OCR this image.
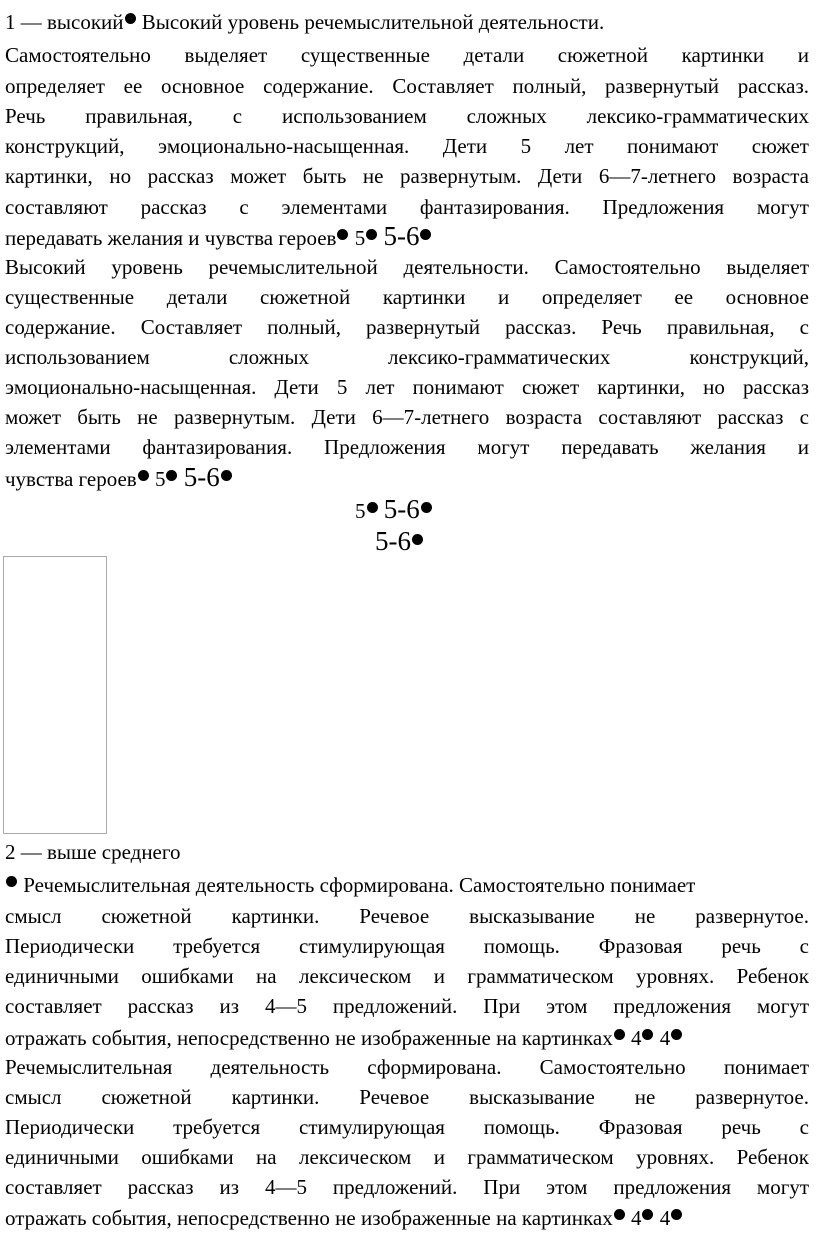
1 — высокий Высокий уровень речемыслительной деятельности.
Самостоятельно выделяет существенные детали сюжетной картинки и
определяет ее основное содержание. Составляет полный, развернутый рассказ.
Речь правильная, с использованием сложных лексико-грамматических
конструкций, эмоционально-насыщенная. Дети 5 лет понимают сюжет
картинки, но рассказ может быть не развернутым. Дети 6—7-летнего возраста
составляют рассказ с элементами фантазирования. Предложения могут
передавать желания и чувства героев 5 5-6
Высокий уровень речемыслительной деятельности. Самостоятельно выделяет
существенные детали сюжетной картинки и определяет ее основное
содержание. Составляет полный, развернутый рассказ. Речь правильная, с
использованием сложных лексико-грамматических конструкций,
эмоционально-насыщенная. Дети 5 лет понимают сюжет картинки, но рассказ
может быть не развернутым. Дети 6—7-летнего возраста составляют рассказ с
элементами фантазирования. Предложения могут передавать желания и
чувства героев 5 5-6
5 5-6
5-6
2 — выше среднего
Речемыслительная деятельность сформирована. Самостоятельно понимает
смысл сюжетной картинки. Речевое высказывание не развернутое.
Периодически требуется стимулирующая помощь. Фразовая речь с
единичными ошибками на лексическом и грамматическом уровнях. Ребенок
составляет рассказ из 4—5 предложений. При этом предложения могут
отражать события, непосредственно не изображенные на картинках 4 4
Речемыслительная деятельность сформирована. Самостоятельно понимает
смысл сюжетной картинки. Речевое высказывание не развернутое.
Периодически требуется стимулирующая помощь. Фразовая речь с
единичными ошибками на лексическом и грамматическом уровнях. Ребенок
составляет рассказ из 4—5 предложений. При этом предложения могут
отражать события, непосредственно не изображенные на картинках 4 4
